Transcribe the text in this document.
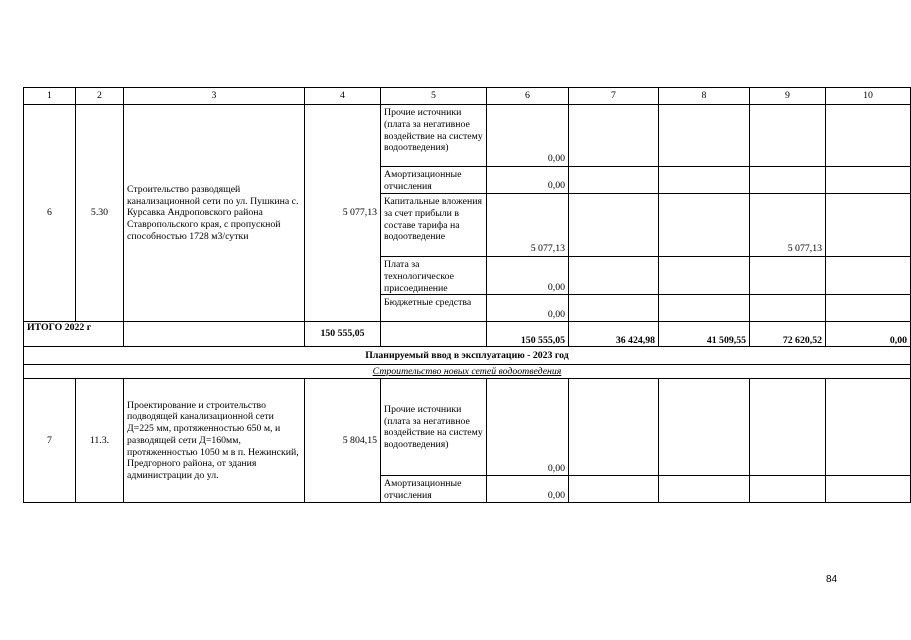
1	2	3	4	5	6	7	8	9	10
6	5.30	Строительство разводящей канализационной сети по ул. Пушкина с. Курсавка Андроповского района Ставропольского края, с пропускной способностью 1728 м3/сутки	5 077,13	Прочие источники (плата за негативное воздействие на систему водоотведения)	0,00				
				Амортизационные отчисления	0,00				
				Капитальные вложения за счет прибыли в составе тарифа на водоотведение	5 077,13			5 077,13	
				Плата за технологическое присоединение	0,00				
				Бюджетные средства	0,00				
ИТОГО 2022 г			150 555,05		150 555,05	36 424,98	41 509,55	72 620,52	0,00
Планируемый ввод в эксплуатацию - 2023 год									
Строительство новых сетей водоотведения									
7	11.3.	Проектирование и строительство подводящей канализационной сети Д=225 мм, протяженностью 650 м, и разводящей сети Д=160мм, протяженностью 1050 м в п. Нежинский, Предгорного района, от здания администрации до ул.	5 804,15	Прочие источники (плата за негативное воздействие на систему водоотведения)	0,00				
				Амортизационные отчисления	0,00				
84
